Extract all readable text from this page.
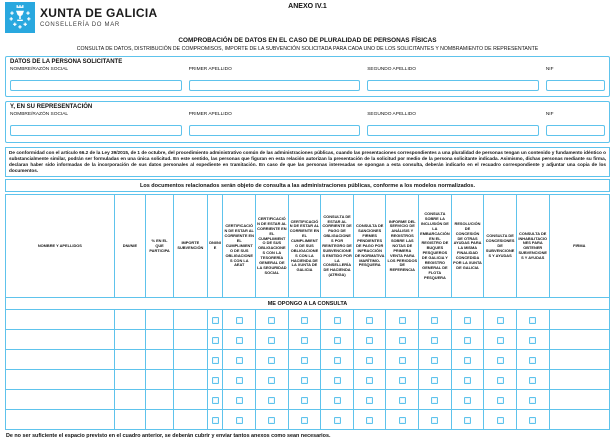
XUNTA DE GALICIA
CONSELLERÍA DO MAR
ANEXO IV.1
COMPROBACIÓN DE DATOS EN EL CASO DE PLURALIDAD DE PERSONAS FÍSICAS
CONSULTA DE DATOS, DISTRIBUCIÓN DE COMPROMISOS, IMPORTE DE LA SUBVENCIÓN SOLICITADA PARA CADA UNO DE LOS SOLICITANTES Y NOMBRAMIENTO DE REPRESENTANTE
DATOS DE LA PERSONA SOLICITANTE
NOMBRE/RAZÓN SOCIAL	PRIMER APELLIDO	SEGUNDO APELLIDO	NIF
Y, EN SU REPRESENTACIÓN
NOMBRE/RAZÓN SOCIAL	PRIMER APELLIDO	SEGUNDO APELLIDO	NIF
De conformidad con el artículo 66.2 de la Ley 39/2015, de 1 de octubre, del procedimiento administrativo común de las administraciones públicas, cuando las presentaciones correspondientes a una pluralidad de personas tengan un contenido y fundamento idéntico o substancialmente similar, podrán ser formuladas en una única solicitud. En este sentido, las personas que figuran en esta relación autorizan la presentación de la solicitud por medio de la persona solicitante indicada. Asimismo, dichas personas mediante su firma, declaran haber sido informadas de la incorporación de sus datos personales al expediente en tramitación. En caso de que las personas interesadas se opongan a esta consulta, deberán indicarlo en el recuadro correspondiente y adjuntar una copia de los documentos.
Los documentos relacionados serán objeto de consulta a las administraciones públicas, conforme a los modelos normalizados.
NOMBRE Y APELLIDOS	DNI/NIE	% EN EL QUE PARTICIPA	IMPORTE SUBVENCIÓN	DNI/NIE	CERTIFICACIÓN DE ESTAR AL CORRIENTE EN EL CUMPLIMIENTO DE SUS OBLIGACIONES CON LA AEAT	CERTIFICACIÓN DE ESTAR AL CORRIENTE EN EL CUMPLIMIENTO DE SUS OBLIGACIONES CON LA TESORERÍA GENERAL DE LA SEGURIDAD SOCIAL	CERTIFICACIÓN DE ESTAR AL CORRIENTE EN EL CUMPLIMIENTO DE SUS OBLIGACIONES CON LA HACIENDA DE LA XUNTA DE GALICIA	CONSULTA DE ESTAR AL CORRIENTE DE PAGO DE OBLIGACIONES POR REINTEGRO DE SUBVENCIONES EMITIDO POR LA CONSELLERÍA DE HACIENDA (ATRIGA)	CONSULTA DE SANCIONES FIRMES PENDIENTES DE PAGO POR INFRACCIÓN DE NORMATIVA MARÍTIMO-PESQUERA	INFORME DEL SERVICIO DE ANÁLISIS Y REGISTROS SOBRE LAS NOTAS DE PRIMERA VENTA PARA LOS PERIODOS DE REFERENCIA	CONSULTA SOBRE LA INCLUSIÓN DE LA EMBARCACIÓN EN EL REGISTRO DE BUQUES PESQUEROS DE GALICIA Y REGISTRO GENERAL DE FLOTA PESQUERA	RESOLUCIÓN DE CONCESIÓN DE OTRAS AYUDAS PARA LA MISMA FINALIDAD CONCEDIDA POR LA XUNTA DE GALICIA	CONSULTA DE CONCESIONES DE SUBVENCIONES Y AYUDAS	CONSULTA DE INHABILITACIONES PARA OBTENER SUBVENCIONES Y AYUDAS	FIRMA
ME OPONGO A LA CONSULTA															

De no ser suficiente el espacio previsto en el cuadro anterior, se deberán cubrir y enviar tantos anexos como sean necesarios.
